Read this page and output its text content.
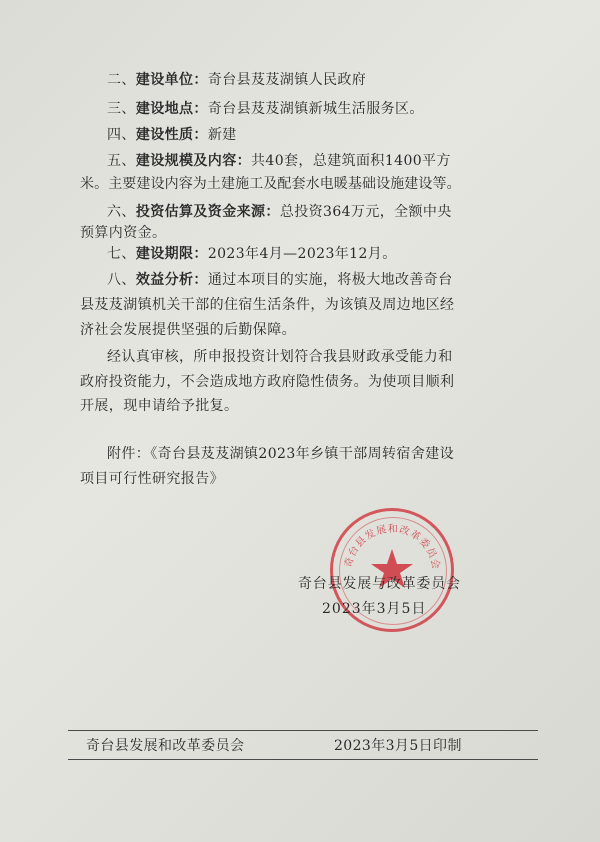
二、建设单位：奇台县芨芨湖镇人民政府
三、建设地点：奇台县芨芨湖镇新城生活服务区。
四、建设性质：新建
五、建设规模及内容：共40套，总建筑面积1400平方
米。主要建设内容为土建施工及配套水电暖基础设施建设等。
六、投资估算及资金来源：总投资364万元，全额中央
预算内资金。
七、建设期限：2023年4月—2023年12月。
八、效益分析：通过本项目的实施，将极大地改善奇台
县芨芨湖镇机关干部的住宿生活条件，为该镇及周边地区经
济社会发展提供坚强的后勤保障。
经认真审核，所申报投资计划符合我县财政承受能力和
政府投资能力，不会造成地方政府隐性债务。为使项目顺利
开展，现申请给予批复。
附件：《奇台县芨芨湖镇2023年乡镇干部周转宿舍建设
项目可行性研究报告》
奇台县发展和改革委员会
奇台县发展与改革委员会
2023年3月5日
奇台县发展和改革委员会	2023年3月5日印制
